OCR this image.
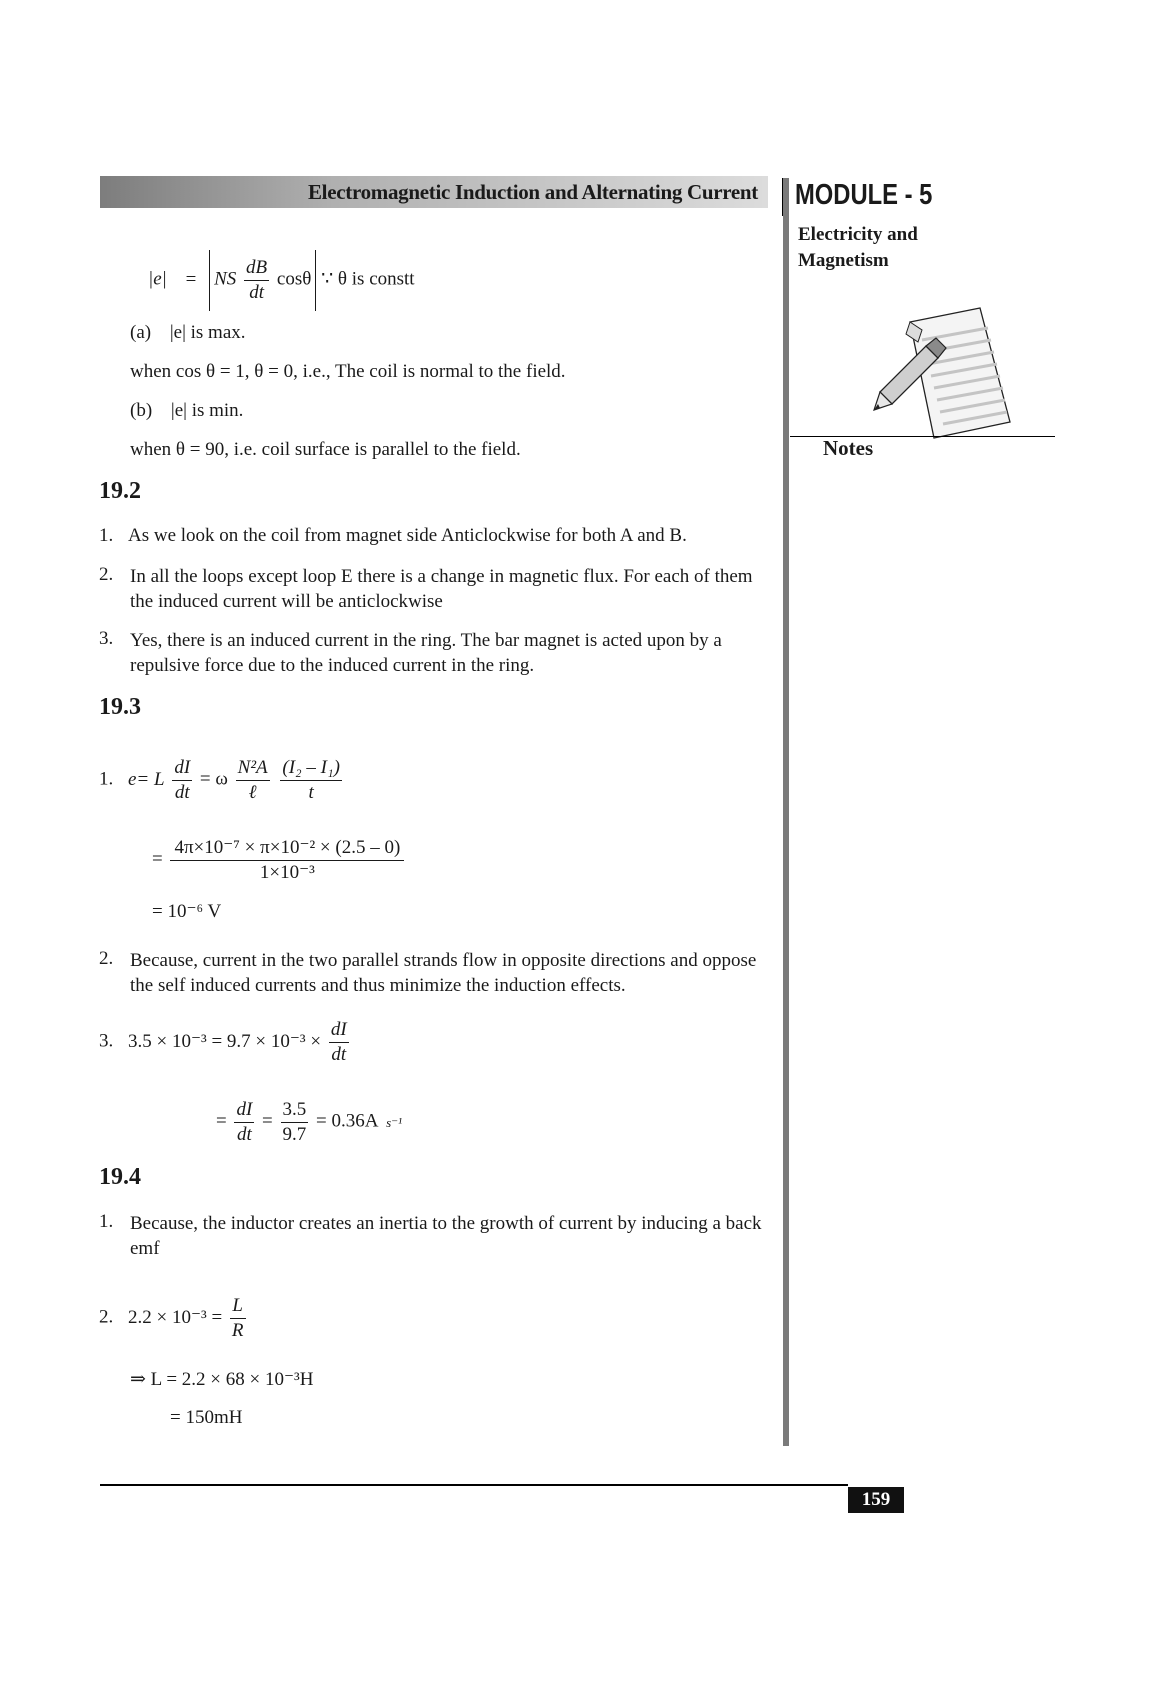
Electromagnetic Induction and Alternating Current MODULE - 5
Electricity and
Magnetism
Notes
|e| = NS $\frac{dB}{dt}$ cosθ ∵ θ is constt
(a) |e| is max.
when cos θ = 1, θ = 0, i.e., The coil is normal to the field.
(b) |e| is min.
when θ = 90, i.e. coil surface is parallel to the field.
19.2
1. As we look on the coil from magnet side Anticlockwise for both A and B.
2. In all the loops except loop E there is a change in magnetic flux. For each of them the induced current will be anticlockwise
3. Yes, there is an induced current in the ring. The bar magnet is acted upon by a repulsive force due to the induced current in the ring.
19.3
1. e= L $\frac{dI}{dt} = \omega \frac{\text{N²A}}{\text{ℓ}}$
$\frac{\text{(I₂ – I₁)}}{t}$
= $\frac{\text{4π×10⁻⁷ × π×10⁻² × (2.5 – 0)}}{\text{1×10⁻³}}$
= 10⁻⁶ V
2. Because, current in the two parallel strands flow in opposite directions and oppose the self induced currents and thus minimize the induction effects.
3. $3.5 \times 10^{-3} = 9.7 \times 10^{-3} \times \frac{dI}{dt}$
= $\frac{dI}{dt} = \frac{3.5}{9.7} = 0.36A$ s⁻¹
19.4
1. Because, the inductor creates an inertia to the growth of current by inducing a back emf
2. $2.2 \times 10^{-3} = \frac{L}{R}$
⇒ L = 2.2 × 68 × 10⁻³H
= 150mH
159
